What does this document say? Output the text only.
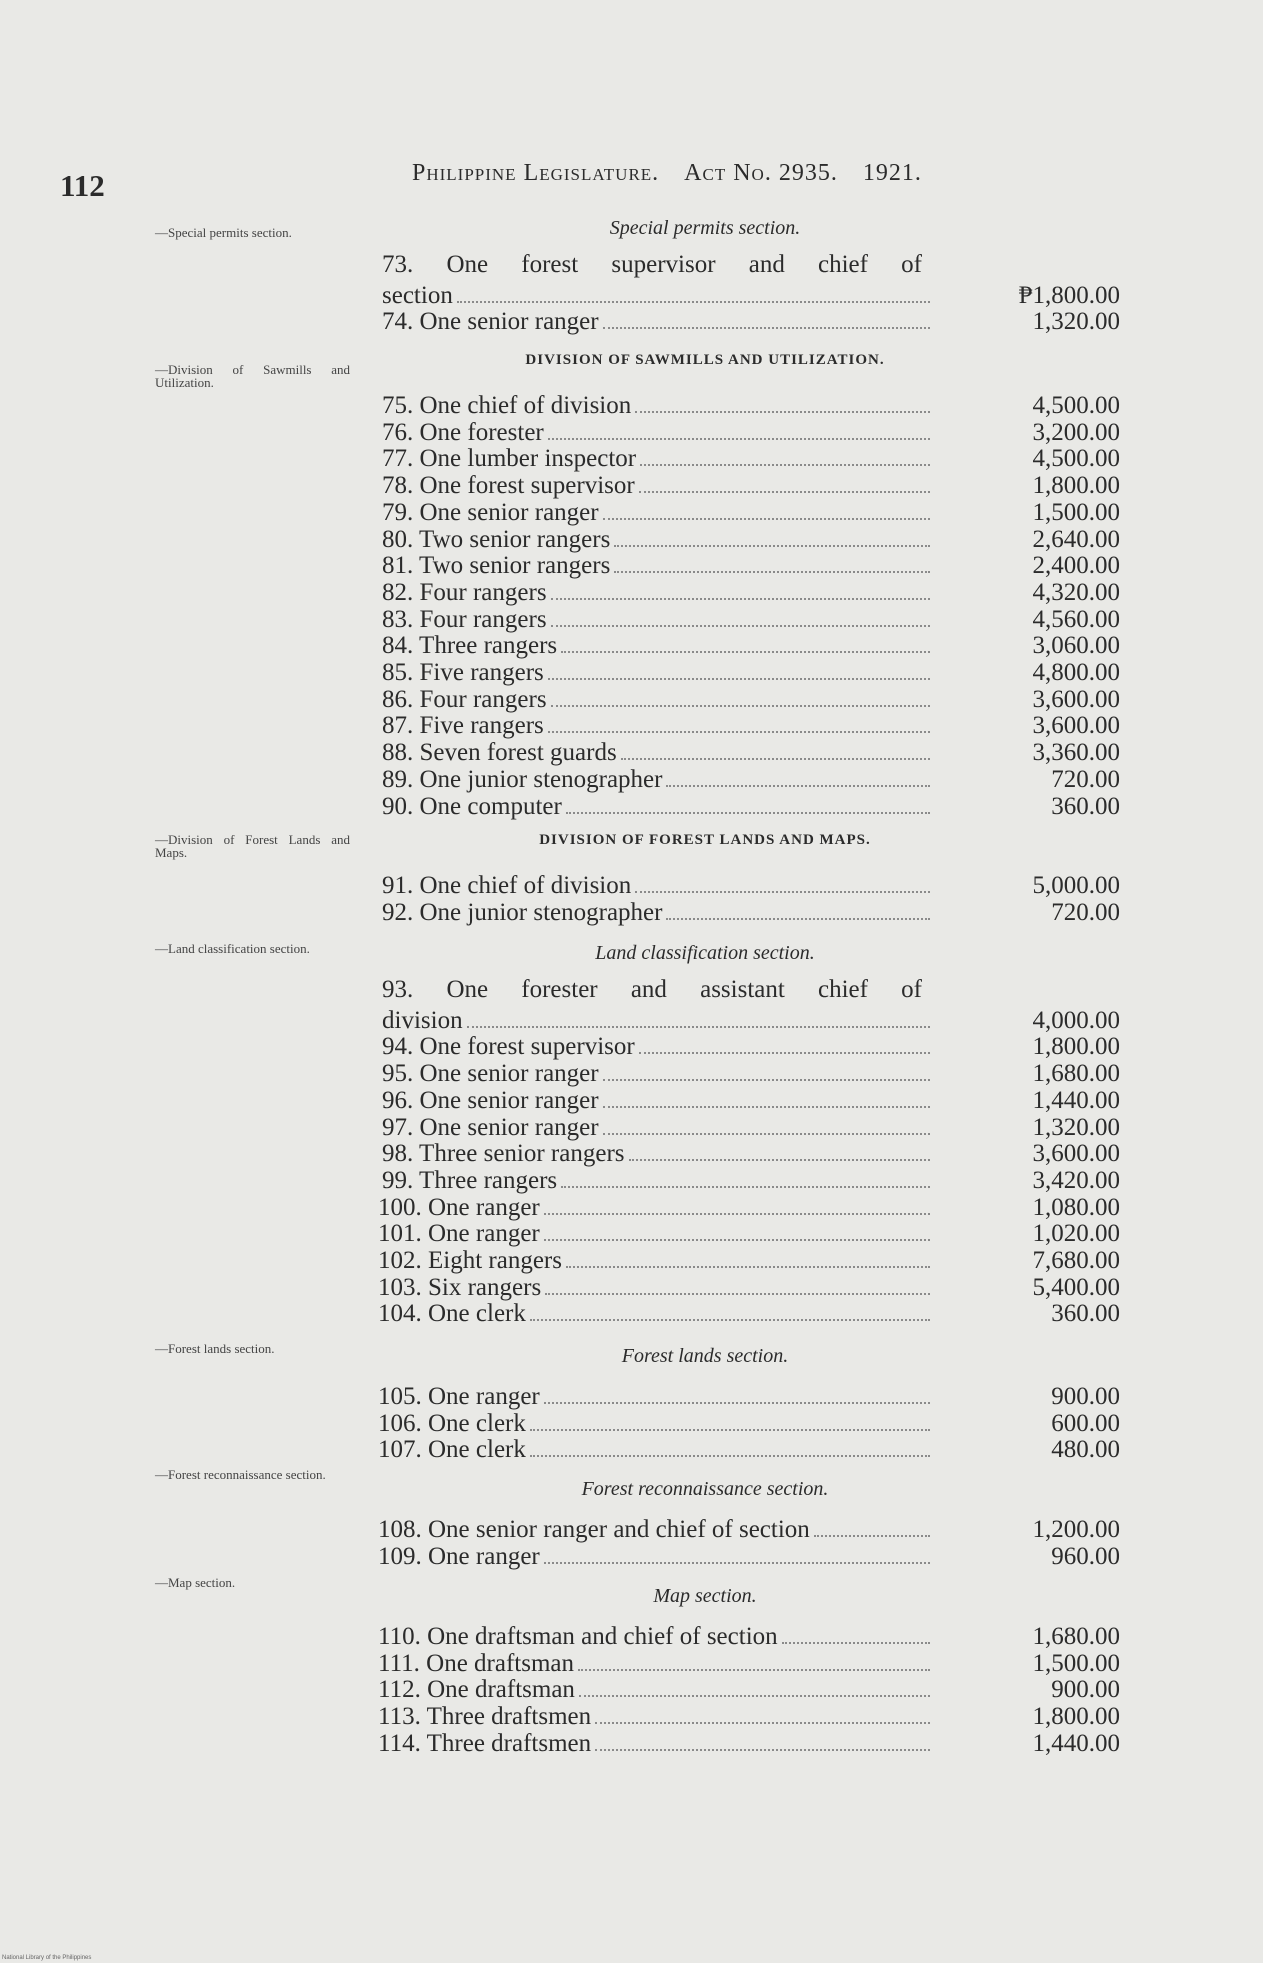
112	Philippine Legislature. Act No. 2935. 1921.
—Special permits section.
—Division of Sawmills and Utilization.
—Division of Forest Lands and Maps.
—Land classification section.
—Forest lands section.
—Forest reconnaissance section.
—Map section.
Special permits section.
73. One forest supervisor and chief of
section	₱1,800.00
74. One senior ranger	1,320.00
DIVISION OF SAWMILLS AND UTILIZATION.
75. One chief of division	4,500.00
76. One forester	3,200.00
77. One lumber inspector	4,500.00
78. One forest supervisor	1,800.00
79. One senior ranger	1,500.00
80. Two senior rangers	2,640.00
81. Two senior rangers	2,400.00
82. Four rangers	4,320.00
83. Four rangers	4,560.00
84. Three rangers	3,060.00
85. Five rangers	4,800.00
86. Four rangers	3,600.00
87. Five rangers	3,600.00
88. Seven forest guards	3,360.00
89. One junior stenographer	720.00
90. One computer	360.00
DIVISION OF FOREST LANDS AND MAPS.
91. One chief of division	5,000.00
92. One junior stenographer	720.00
Land classification section.
93. One forester and assistant chief of
division	4,000.00
94. One forest supervisor	1,800.00
95. One senior ranger	1,680.00
96. One senior ranger	1,440.00
97. One senior ranger	1,320.00
98. Three senior rangers	3,600.00
99. Three rangers	3,420.00
100. One ranger	1,080.00
101. One ranger	1,020.00
102. Eight rangers	7,680.00
103. Six rangers	5,400.00
104. One clerk	360.00
Forest lands section.
105. One ranger	900.00
106. One clerk	600.00
107. One clerk	480.00
Forest reconnaissance section.
108. One senior ranger and chief of section	1,200.00
109. One ranger	960.00
Map section.
110. One draftsman and chief of section	1,680.00
111. One draftsman	1,500.00
112. One draftsman	900.00
113. Three draftsmen	1,800.00
114. Three draftsmen	1,440.00
National Library of the Philippines
